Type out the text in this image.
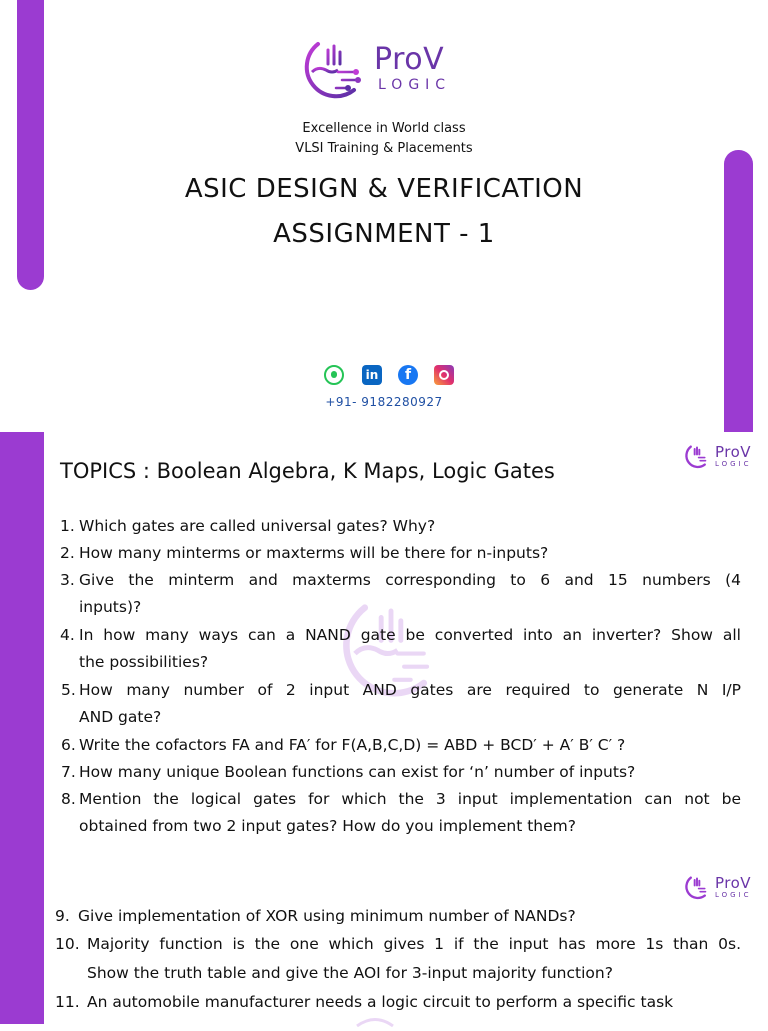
ProV
LOGIC
Excellence in World class
VLSI Training & Placements
ASIC DESIGN & VERIFICATION
ASSIGNMENT - 1
in	f
+91- 9182280927
ProV
LOGIC
TOPICS : Boolean Algebra, K Maps, Logic Gates
1. Which gates are called universal gates? Why?
2. How many minterms or maxterms will be there for n-inputs?
3. Give the minterm and maxterms corresponding to 6 and 15 numbers (4
inputs)?
4. In how many ways can a NAND gate be converted into an inverter? Show all
the possibilities?
5. How many number of 2 input AND gates are required to generate N I/P
AND gate?
6. Write the cofactors FA and FA′ for F(A,B,C,D) = ABD + BCD′ + A′ B′ C′ ?
7. How many unique Boolean functions can exist for ‘n’ number of inputs?
8. Mention the logical gates for which the 3 input implementation can not be
obtained from two 2 input gates? How do you implement them?
ProV
LOGIC
9. Give implementation of XOR using minimum number of NANDs?
10. Majority function is the one which gives 1 if the input has more 1s than 0s.
Show the truth table and give the AOI for 3-input majority function?
11. An automobile manufacturer needs a logic circuit to perform a specific task
